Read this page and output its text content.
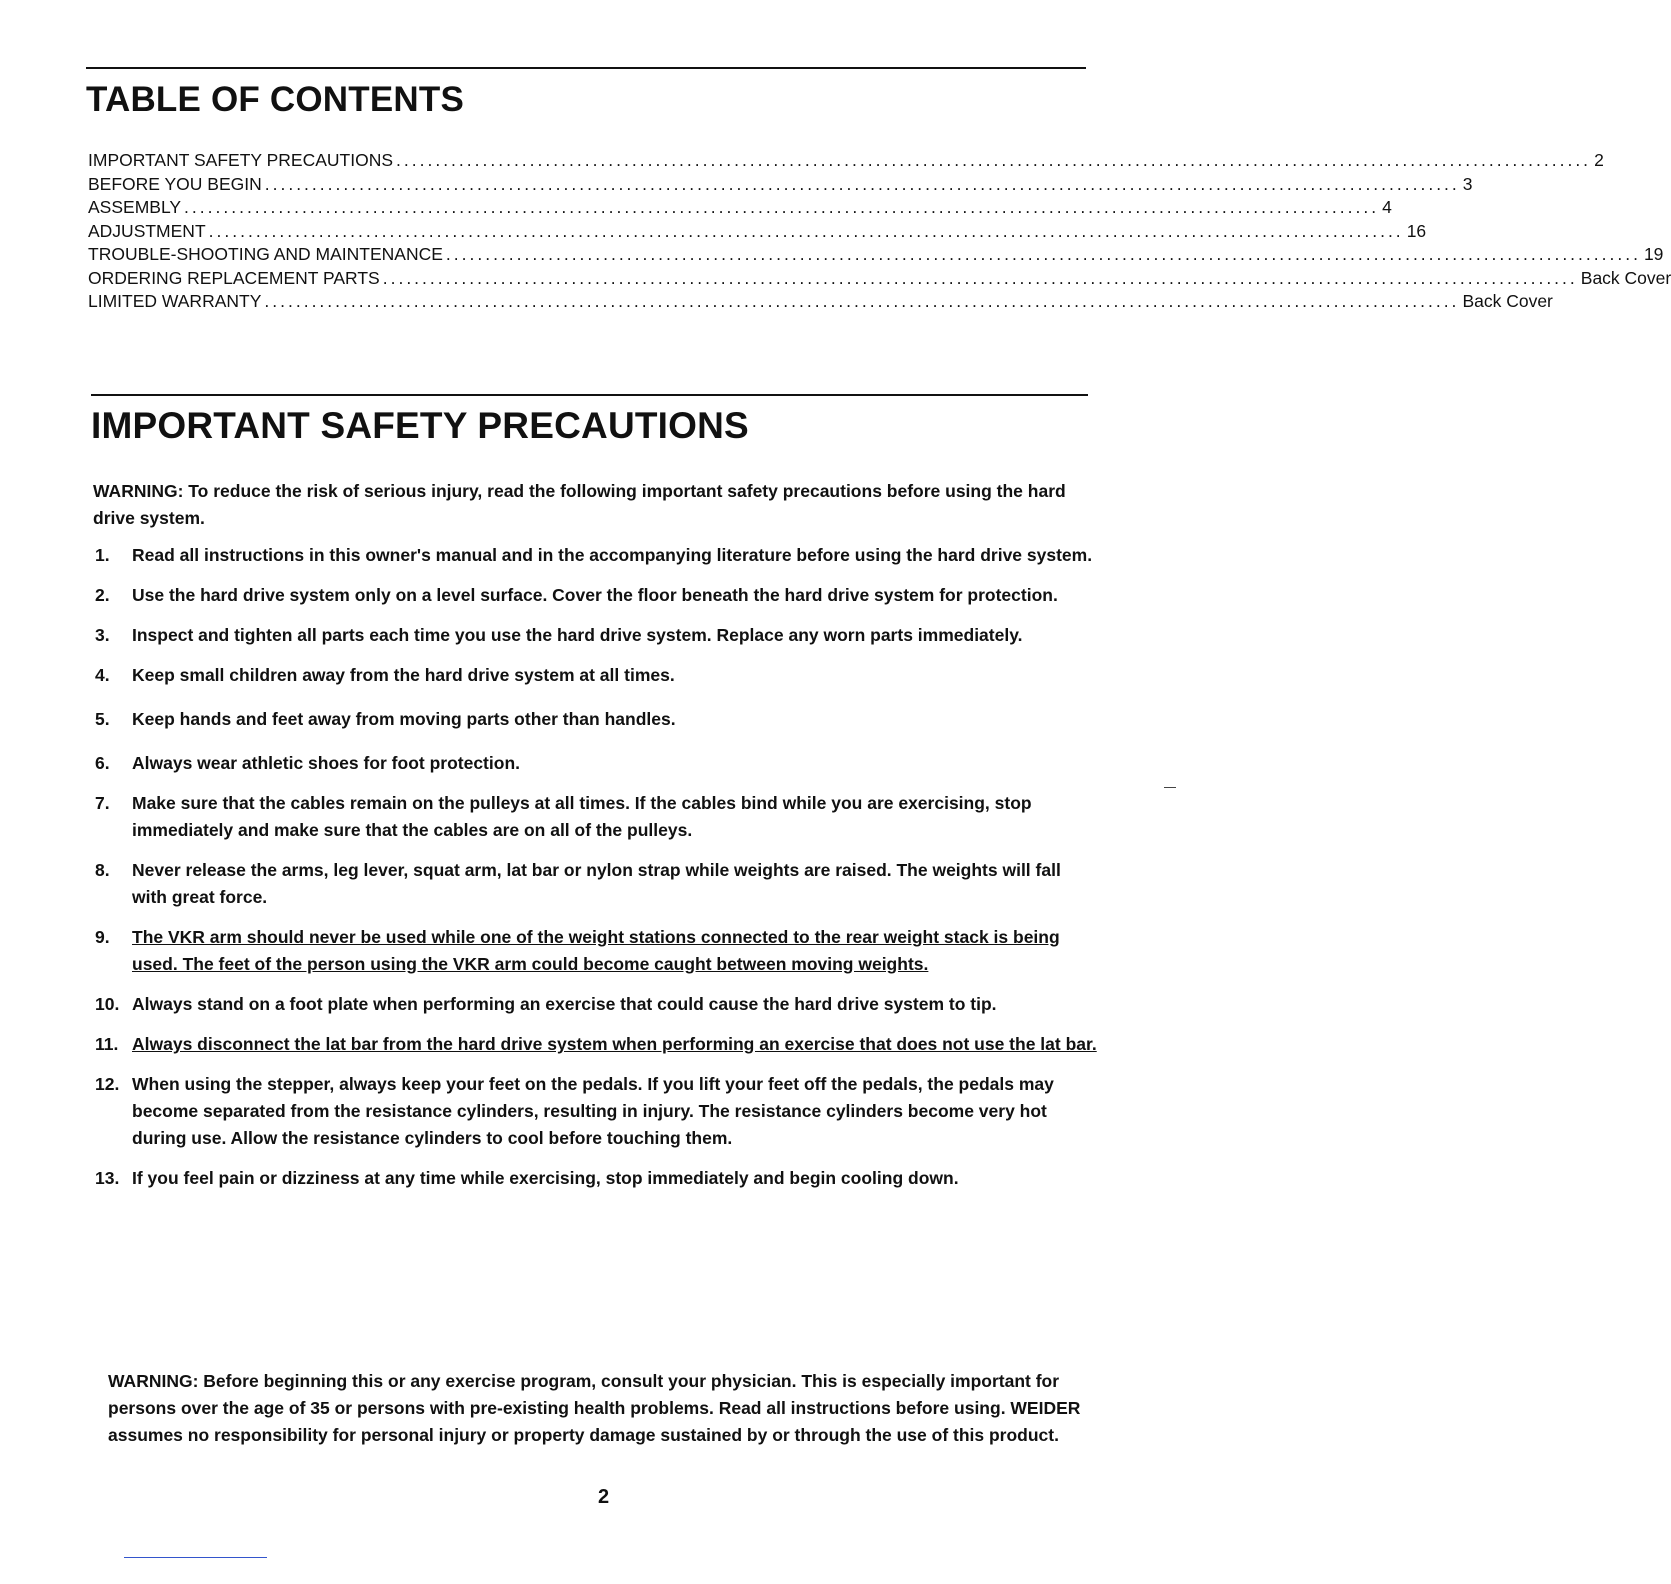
TABLE OF CONTENTS
IMPORTANT SAFETY PRECAUTIONS ........................................................................................................................................................ 2
BEFORE YOU BEGIN ........................................................................................................................................................ 3
ASSEMBLY ........................................................................................................................................................ 4
ADJUSTMENT ........................................................................................................................................................ 16
TROUBLE-SHOOTING AND MAINTENANCE ........................................................................................................................................................ 19
ORDERING REPLACEMENT PARTS ........................................................................................................................................................ Back Cover
LIMITED WARRANTY ........................................................................................................................................................ Back Cover
IMPORTANT SAFETY PRECAUTIONS

WARNING: To reduce the risk of serious injury, read the following important safety precautions before using the hard drive system.

1. Read all instructions in this owner's manual and in the accompanying literature before using the hard drive system.
2. Use the hard drive system only on a level surface. Cover the floor beneath the hard drive system for protection.
3. Inspect and tighten all parts each time you use the hard drive system. Replace any worn parts immediately.
4. Keep small children away from the hard drive system at all times.
5. Keep hands and feet away from moving parts other than handles.
6. Always wear athletic shoes for foot protection.
7. Make sure that the cables remain on the pulleys at all times. If the cables bind while you are exercising, stop immediately and make sure that the cables are on all of the pulleys.
8. Never release the arms, leg lever, squat arm, lat bar or nylon strap while weights are raised. The weights will fall with great force.
9. The VKR arm should never be used while one of the weight stations connected to the rear weight stack is being used. The feet of the person using the VKR arm could become caught between moving weights.
10. Always stand on a foot plate when performing an exercise that could cause the hard drive system to tip.
11. Always disconnect the lat bar from the hard drive system when performing an exercise that does not use the lat bar.
12. When using the stepper, always keep your feet on the pedals. If you lift your feet off the pedals, the pedals may become separated from the resistance cylinders, resulting in injury. The resistance cylinders become very hot during use. Allow the resistance cylinders to cool before touching them.
13. If you feel pain or dizziness at any time while exercising, stop immediately and begin cooling down.

WARNING: Before beginning this or any exercise program, consult your physician. This is especially important for persons over the age of 35 or persons with pre-existing health problems. Read all instructions before using. WEIDER assumes no responsibility for personal injury or property damage sustained by or through the use of this product.

2
